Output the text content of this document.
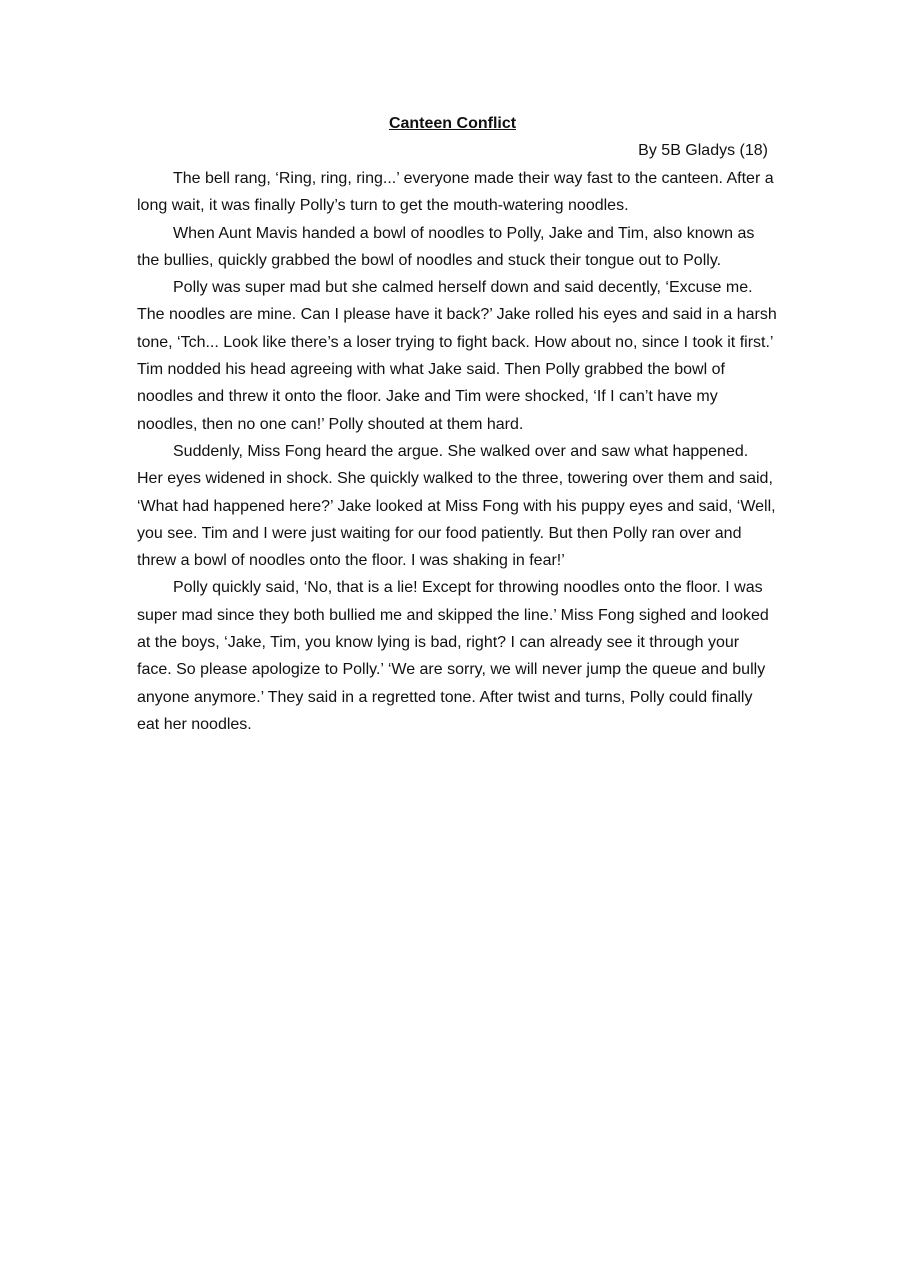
Canteen Conflict
By 5B Gladys (18)

The bell rang, ‘Ring, ring, ring...’ everyone made their way fast to the canteen. After a long wait, it was finally Polly’s turn to get the mouth-watering noodles.

When Aunt Mavis handed a bowl of noodles to Polly, Jake and Tim, also known as the bullies, quickly grabbed the bowl of noodles and stuck their tongue out to Polly.

Polly was super mad but she calmed herself down and said decently, ‘Excuse me. The noodles are mine. Can I please have it back?’ Jake rolled his eyes and said in a harsh tone, ‘Tch... Look like there’s a loser trying to fight back. How about no, since I took it first.’ Tim nodded his head agreeing with what Jake said. Then Polly grabbed the bowl of noodles and threw it onto the floor. Jake and Tim were shocked, ‘If I can’t have my noodles, then no one can!’ Polly shouted at them hard.

Suddenly, Miss Fong heard the argue. She walked over and saw what happened. Her eyes widened in shock. She quickly walked to the three, towering over them and said, ‘What had happened here?’ Jake looked at Miss Fong with his puppy eyes and said, ‘Well, you see. Tim and I were just waiting for our food patiently. But then Polly ran over and threw a bowl of noodles onto the floor. I was shaking in fear!’

Polly quickly said, ‘No, that is a lie! Except for throwing noodles onto the floor. I was super mad since they both bullied me and skipped the line.’ Miss Fong sighed and looked at the boys, ‘Jake, Tim, you know lying is bad, right? I can already see it through your face. So please apologize to Polly.’ ‘We are sorry, we will never jump the queue and bully anyone anymore.’ They said in a regretted tone. After twist and turns, Polly could finally eat her noodles.
